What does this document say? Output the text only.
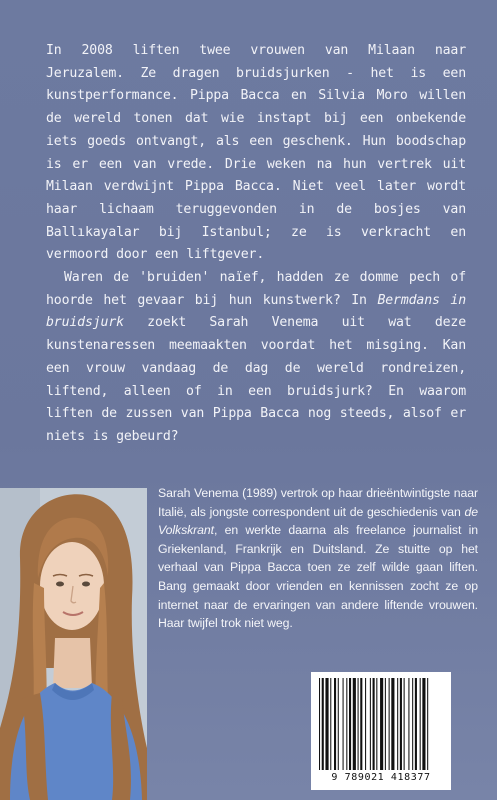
In 2008 liften twee vrouwen van Milaan naar Jeruzalem. Ze dragen bruidsjurken - het is een kunstperformance. Pippa Bacca en Silvia Moro willen de wereld tonen dat wie instapt bij een onbekende iets goeds ontvangt, als een geschenk. Hun boodschap is er een van vrede. Drie weken na hun vertrek uit Milaan verdwijnt Pippa Bacca. Niet veel later wordt haar lichaam teruggevonden in de bosjes van Ballıkayalar bij Istanbul; ze is verkracht en vermoord door een liftgever.

Waren de 'bruiden' naïef, hadden ze domme pech of hoorde het gevaar bij hun kunstwerk? In Bermdans in bruidsjurk zoekt Sarah Venema uit wat deze kunstenaressen meemaakten voordat het misging. Kan een vrouw vandaag de dag de wereld rondreizen, liftend, alleen of in een bruidsjurk? En waarom liften de zussen van Pippa Bacca nog steeds, alsof er niets is gebeurd?

Sarah Venema (1989) vertrok op haar drieëntwintigste naar Italië, als jongste correspondent uit de geschiedenis van de Volkskrant, en werkte daarna als freelance journalist in Griekenland, Frankrijk en Duitsland. Ze stuitte op het verhaal van Pippa Bacca toen ze zelf wilde gaan liften. Bang gemaakt door vrienden en kennissen zocht ze op internet naar de ervaringen van andere liftende vrouwen. Haar twijfel trok niet weg.
9 789021 418377
